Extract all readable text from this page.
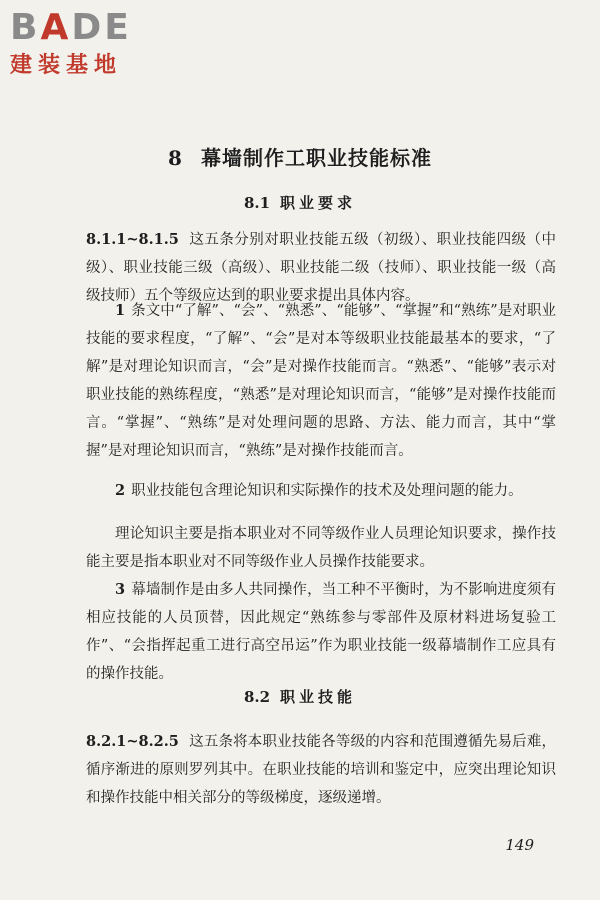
BADE
建装基地
8 幕墙制作工职业技能标准
8.1 职业要求

8.1.1~8.1.5 这五条分别对职业技能五级（初级）、职业技能四级（中级）、职业技能三级（高级）、职业技能二级（技师）、职业技能一级（高级技师）五个等级应达到的职业要求提出具体内容。

1 条文中“了解”、“会”、“熟悉”、“能够”、“掌握”和“熟练”是对职业技能的要求程度，“了解”、“会”是对本等级职业技能最基本的要求，“了解”是对理论知识而言，“会”是对操作技能而言。“熟悉”、“能够”表示对职业技能的熟练程度，“熟悉”是对理论知识而言，“能够”是对操作技能而言。“掌握”、“熟练”是对处理问题的思路、方法、能力而言，其中“掌握”是对理论知识而言，“熟练”是对操作技能而言。

2 职业技能包含理论知识和实际操作的技术及处理问题的能力。

理论知识主要是指本职业对不同等级作业人员理论知识要求，操作技能主要是指本职业对不同等级作业人员操作技能要求。

3 幕墙制作是由多人共同操作，当工种不平衡时，为不影响进度须有相应技能的人员顶替，因此规定“熟练参与零部件及原材料进场复验工作”、“会指挥起重工进行高空吊运”作为职业技能一级幕墙制作工应具有的操作技能。

8.2 职业技能

8.2.1~8.2.5 这五条将本职业技能各等级的内容和范围遵循先易后难，循序渐进的原则罗列其中。在职业技能的培训和鉴定中，应突出理论知识和操作技能中相关部分的等级梯度，逐级递增。

149
